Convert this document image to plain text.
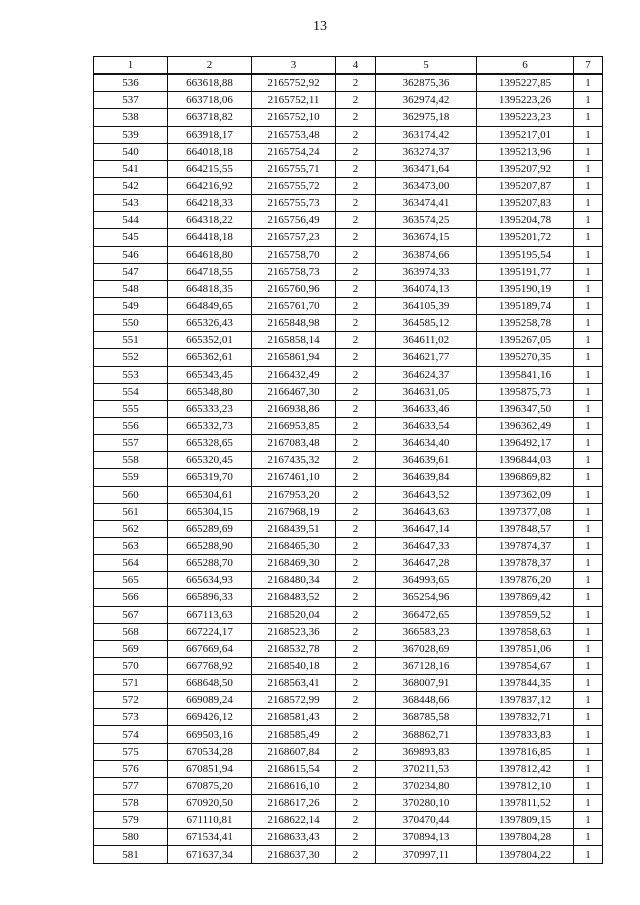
13
1	2	3	4	5	6	7
536	663618,88	2165752,92	2	362875,36	1395227,85	1
537	663718,06	2165752,11	2	362974,42	1395223,26	1
538	663718,82	2165752,10	2	362975,18	1395223,23	1
539	663918,17	2165753,48	2	363174,42	1395217,01	1
540	664018,18	2165754,24	2	363274,37	1395213,96	1
541	664215,55	2165755,71	2	363471,64	1395207,92	1
542	664216,92	2165755,72	2	363473,00	1395207,87	1
543	664218,33	2165755,73	2	363474,41	1395207,83	1
544	664318,22	2165756,49	2	363574,25	1395204,78	1
545	664418,18	2165757,23	2	363674,15	1395201,72	1
546	664618,80	2165758,70	2	363874,66	1395195,54	1
547	664718,55	2165758,73	2	363974,33	1395191,77	1
548	664818,35	2165760,96	2	364074,13	1395190,19	1
549	664849,65	2165761,70	2	364105,39	1395189,74	1
550	665326,43	2165848,98	2	364585,12	1395258,78	1
551	665352,01	2165858,14	2	364611,02	1395267,05	1
552	665362,61	2165861,94	2	364621,77	1395270,35	1
553	665343,45	2166432,49	2	364624,37	1395841,16	1
554	665348,80	2166467,30	2	364631,05	1395875,73	1
555	665333,23	2166938,86	2	364633,46	1396347,50	1
556	665332,73	2166953,85	2	364633,54	1396362,49	1
557	665328,65	2167083,48	2	364634,40	1396492,17	1
558	665320,45	2167435,32	2	364639,61	1396844,03	1
559	665319,70	2167461,10	2	364639,84	1396869,82	1
560	665304,61	2167953,20	2	364643,52	1397362,09	1
561	665304,15	2167968,19	2	364643,63	1397377,08	1
562	665289,69	2168439,51	2	364647,14	1397848,57	1
563	665288,90	2168465,30	2	364647,33	1397874,37	1
564	665288,70	2168469,30	2	364647,28	1397878,37	1
565	665634,93	2168480,34	2	364993,65	1397876,20	1
566	665896,33	2168483,52	2	365254,96	1397869,42	1
567	667113,63	2168520,04	2	366472,65	1397859,52	1
568	667224,17	2168523,36	2	366583,23	1397858,63	1
569	667669,64	2168532,78	2	367028,69	1397851,06	1
570	667768,92	2168540,18	2	367128,16	1397854,67	1
571	668648,50	2168563,41	2	368007,91	1397844,35	1
572	669089,24	2168572,99	2	368448,66	1397837,12	1
573	669426,12	2168581,43	2	368785,58	1397832,71	1
574	669503,16	2168585,49	2	368862,71	1397833,83	1
575	670534,28	2168607,84	2	369893,83	1397816,85	1
576	670851,94	2168615,54	2	370211,53	1397812,42	1
577	670875,20	2168616,10	2	370234,80	1397812,10	1
578	670920,50	2168617,26	2	370280,10	1397811,52	1
579	671110,81	2168622,14	2	370470,44	1397809,15	1
580	671534,41	2168633,43	2	370894,13	1397804,28	1
581	671637,34	2168637,30	2	370997,11	1397804,22	1
